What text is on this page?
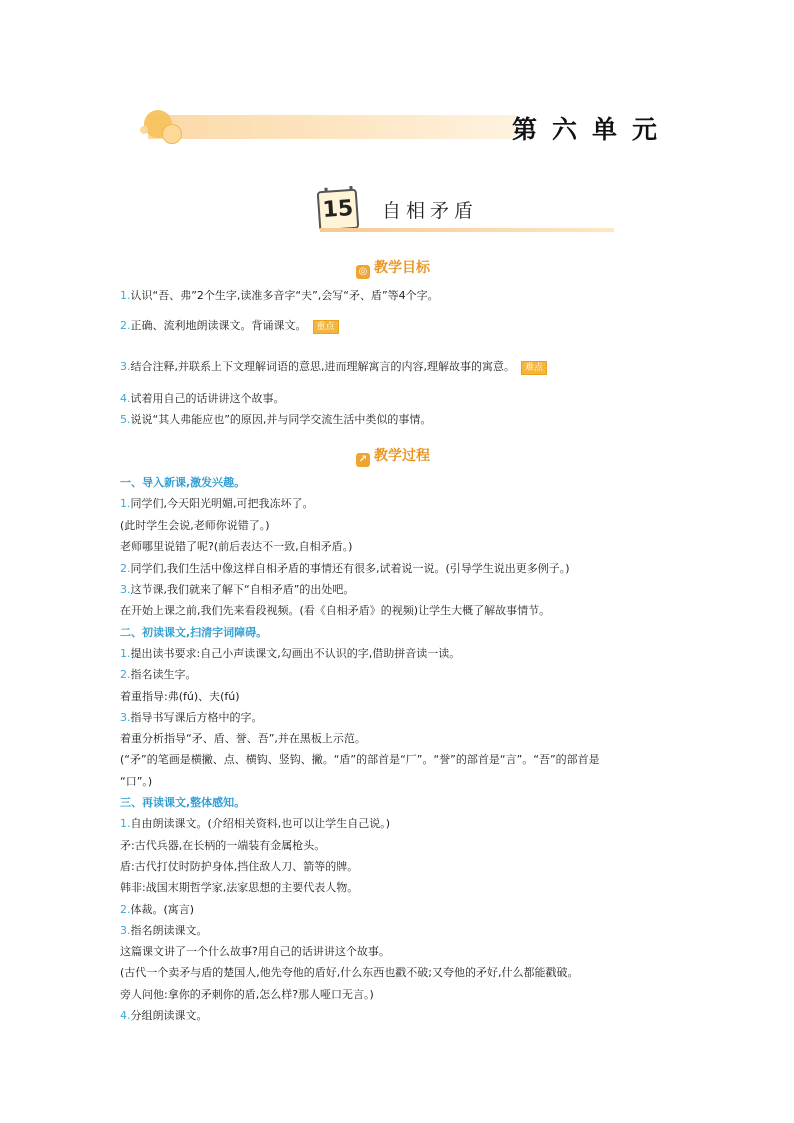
第六单元
15 自相矛盾
◎ 教学目标
1.认识“吾、弗”2个生字,读准多音字“夫”,会写“矛、盾”等4个字。
2.正确、流利地朗读课文。背诵课文。 重点
3.结合注释,并联系上下文理解词语的意思,进而理解寓言的内容,理解故事的寓意。 难点
4.试着用自己的话讲讲这个故事。
5.说说“其人弗能应也”的原因,并与同学交流生活中类似的事情。
↗ 教学过程
一、导入新课,激发兴趣。
1.同学们,今天阳光明媚,可把我冻坏了。
(此时学生会说,老师你说错了。)
老师哪里说错了呢?(前后表达不一致,自相矛盾。)
2.同学们,我们生活中像这样自相矛盾的事情还有很多,试着说一说。(引导学生说出更多例子。)
3.这节课,我们就来了解下“自相矛盾”的出处吧。
在开始上课之前,我们先来看段视频。(看《自相矛盾》的视频)让学生大概了解故事情节。
二、初读课文,扫清字词障碍。
1.提出读书要求:自己小声读课文,勾画出不认识的字,借助拼音读一读。
2.指名读生字。
着重指导:弗(fú)、夫(fú)
3.指导书写课后方格中的字。
着重分析指导“矛、盾、誉、吾”,并在黑板上示范。
(“矛”的笔画是横撇、点、横钩、竖钩、撇。“盾”的部首是“厂”。“誉”的部首是“言”。“吾”的部首是
“口”。)
三、再读课文,整体感知。
1.自由朗读课文。(介绍相关资料,也可以让学生自己说。)
矛:古代兵器,在长柄的一端装有金属枪头。
盾:古代打仗时防护身体,挡住敌人刀、箭等的牌。
韩非:战国末期哲学家,法家思想的主要代表人物。
2.体裁。(寓言)
3.指名朗读课文。
这篇课文讲了一个什么故事?用自己的话讲讲这个故事。
(古代一个卖矛与盾的楚国人,他先夸他的盾好,什么东西也戳不破;又夸他的矛好,什么都能戳破。
旁人问他:拿你的矛刺你的盾,怎么样?那人哑口无言。)
4.分组朗读课文。
